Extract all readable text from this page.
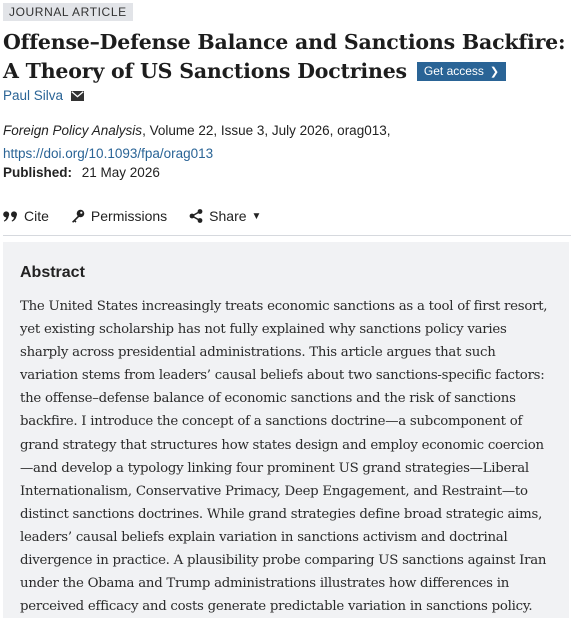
JOURNAL ARTICLE
Offense–Defense Balance and Sanctions Backfire: A Theory of US Sanctions Doctrines Get access ❯
Paul Silva
Foreign Policy Analysis, Volume 22, Issue 3, July 2026, orag013,
https://doi.org/10.1093/fpa/orag013
Published: 21 May 2026
Cite	Permissions	Share ▼
Abstract

The United States increasingly treats economic sanctions as a tool of first resort, yet existing scholarship has not fully explained why sanctions policy varies sharply across presidential administrations. This article argues that such variation stems from leaders’ causal beliefs about two sanctions-specific factors: the offense–defense balance of economic sanctions and the risk of sanctions backfire. I introduce the concept of a sanctions doctrine—a subcomponent of grand strategy that structures how states design and employ economic coercion—and develop a typology linking four prominent US grand strategies—Liberal Internationalism, Conservative Primacy, Deep Engagement, and Restraint—to distinct sanctions doctrines. While grand strategies define broad strategic aims, leaders’ causal beliefs explain variation in sanctions activism and doctrinal divergence in practice. A plausibility probe comparing US sanctions against Iran under the Obama and Trump administrations illustrates how differences in perceived efficacy and costs generate predictable variation in sanctions policy.
